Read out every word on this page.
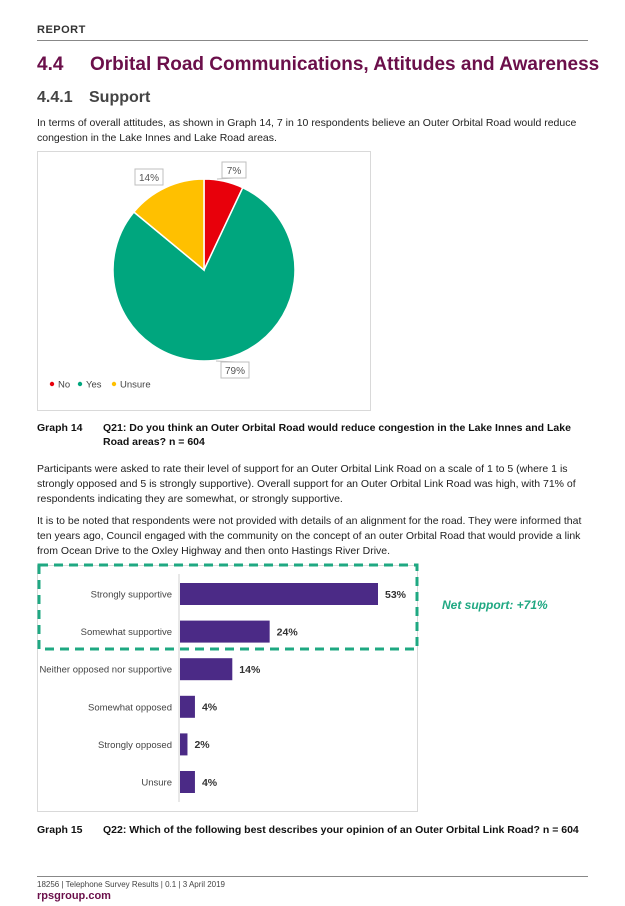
REPORT
4.4 Orbital Road Communications, Attitudes and Awareness
4.4.1 Support

In terms of overall attitudes, as shown in Graph 14, 7 in 10 respondents believe an Outer Orbital Road would reduce congestion in the Lake Innes and Lake Road areas.

7%
79%
14%
No Yes Unsure
Graph 14 Q21: Do you think an Outer Orbital Road would reduce congestion in the Lake Innes and Lake Road areas? n = 604

Participants were asked to rate their level of support for an Outer Orbital Link Road on a scale of 1 to 5 (where 1 is strongly opposed and 5 is strongly supportive). Overall support for an Outer Orbital Link Road was high, with 71% of respondents indicating they are somewhat, or strongly supportive.

It is to be noted that respondents were not provided with details of an alignment for the road. They were informed that ten years ago, Council engaged with the community on the concept of an outer Orbital Road that would provide a link from Ocean Drive to the Oxley Highway and then onto Hastings River Drive.

Strongly supportive	53%
Somewhat supportive	24%
Neither opposed nor supportive	14%
Somewhat opposed	4%
Strongly opposed 2%
Unsure	4%
Net support: +71%
Graph 15 Q22: Which of the following best describes your opinion of an Outer Orbital Link Road? n = 604
18256 | Telephone Survey Results | 0.1 | 3 April 2019
rpsgroup.com
